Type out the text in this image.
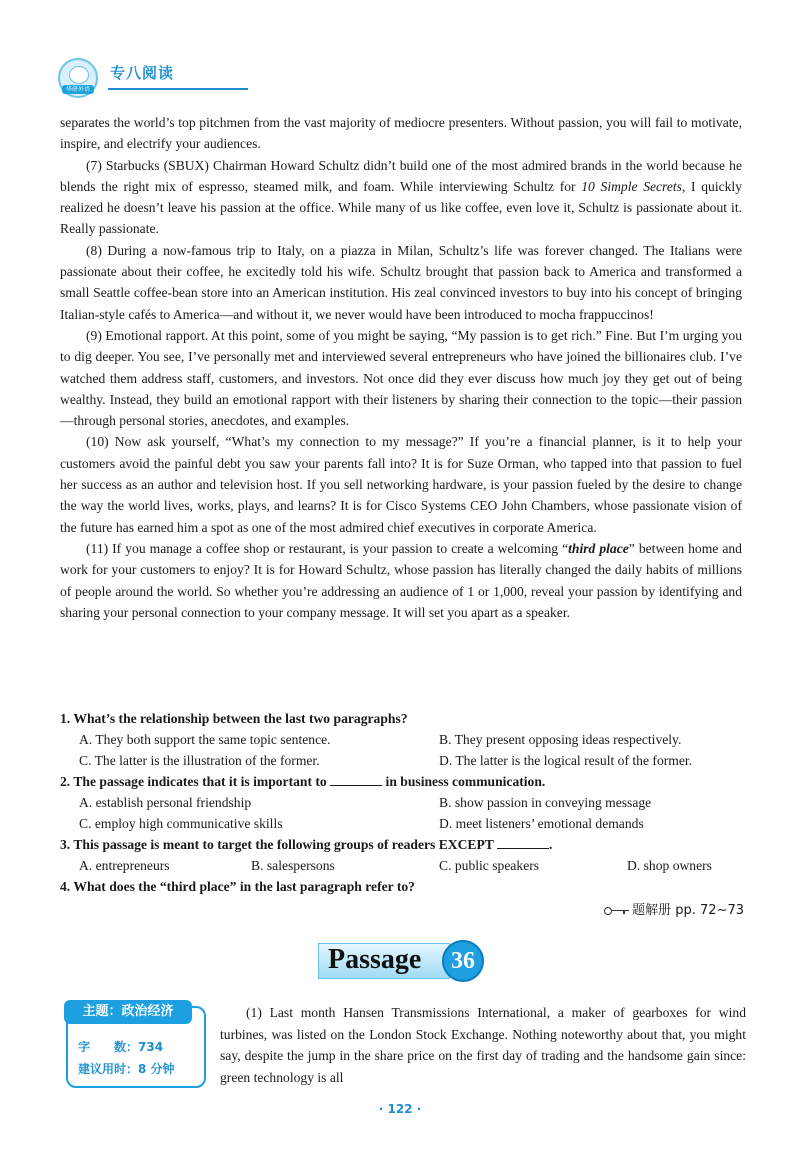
华研外语
专八阅读

separates the world’s top pitchmen from the vast majority of mediocre presenters. Without passion, you will fail to motivate, inspire, and electrify your audiences.

(7) Starbucks (SBUX) Chairman Howard Schultz didn’t build one of the most admired brands in the world because he blends the right mix of espresso, steamed milk, and foam. While interviewing Schultz for 10 Simple Secrets, I quickly realized he doesn’t leave his passion at the office. While many of us like coffee, even love it, Schultz is passionate about it. Really passionate.

(8) During a now-famous trip to Italy, on a piazza in Milan, Schultz’s life was forever changed. The Italians were passionate about their coffee, he excitedly told his wife. Schultz brought that passion back to America and transformed a small Seattle coffee-bean store into an American institution. His zeal convinced investors to buy into his concept of bringing Italian-style cafés to America—and without it, we never would have been introduced to mocha frappuccinos!

(9) Emotional rapport. At this point, some of you might be saying, “My passion is to get rich.” Fine. But I’m urging you to dig deeper. You see, I’ve personally met and interviewed several entrepreneurs who have joined the billionaires club. I’ve watched them address staff, customers, and investors. Not once did they ever discuss how much joy they get out of being wealthy. Instead, they build an emotional rapport with their listeners by sharing their connection to the topic—their passion—through personal stories, anecdotes, and examples.

(10) Now ask yourself, “What’s my connection to my message?” If you’re a financial planner, is it to help your customers avoid the painful debt you saw your parents fall into? It is for Suze Orman, who tapped into that passion to fuel her success as an author and television host. If you sell networking hardware, is your passion fueled by the desire to change the way the world lives, works, plays, and learns? It is for Cisco Systems CEO John Chambers, whose passionate vision of the future has earned him a spot as one of the most admired chief executives in corporate America.

(11) If you manage a coffee shop or restaurant, is your passion to create a welcoming “third place” between home and work for your customers to enjoy? It is for Howard Schultz, whose passion has literally changed the daily habits of millions of people around the world. So whether you’re addressing an audience of 1 or 1,000, reveal your passion by identifying and sharing your personal connection to your company message. It will set you apart as a speaker.

1. What’s the relationship between the last two paragraphs?
A. They both support the same topic sentence.	B. They present opposing ideas respectively.
C. The latter is the illustration of the former.	D. The latter is the logical result of the former.
2. The passage indicates that it is important to	in business communication.
A. establish personal friendship	B. show passion in conveying message
C. employ high communicative skills	D. meet listeners’ emotional demands
3. This passage is meant to target the following groups of readers EXCEPT	.
A. entrepreneurs	B. salespersons	C. public speakers	D. shop owners
4. What does the “third place” in the last paragraph refer to?
题解册 pp. 72~73
Passage	36
主题：政治经济
字　　数：734
建议用时：8 分钟

(1) Last month Hansen Transmissions International, a maker of gearboxes for wind turbines, was listed on the London Stock Exchange. Nothing noteworthy about that, you might say, despite the jump in the share price on the first day of trading and the handsome gain since: green technology is all

· 122 ·
